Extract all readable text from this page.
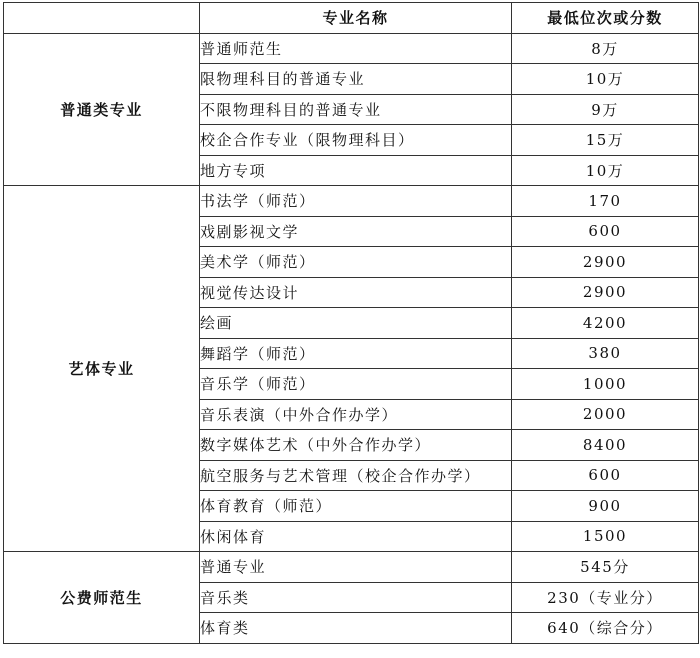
	专业名称	最低位次或分数
普通类专业	普通师范生	8万
	限物理科目的普通专业	10万
	不限物理科目的普通专业	9万
	校企合作专业（限物理科目）	15万
	地方专项	10万
艺体专业	书法学（师范）	170
	戏剧影视文学	600
	美术学（师范）	2900
	视觉传达设计	2900
	绘画	4200
	舞蹈学（师范）	380
	音乐学（师范）	1000
	音乐表演（中外合作办学）	2000
	数字媒体艺术（中外合作办学）	8400
	航空服务与艺术管理（校企合作办学）	600
	体育教育（师范）	900
	休闲体育	1500
公费师范生	普通专业	545分
	音乐类	230（专业分）
	体育类	640（综合分）
